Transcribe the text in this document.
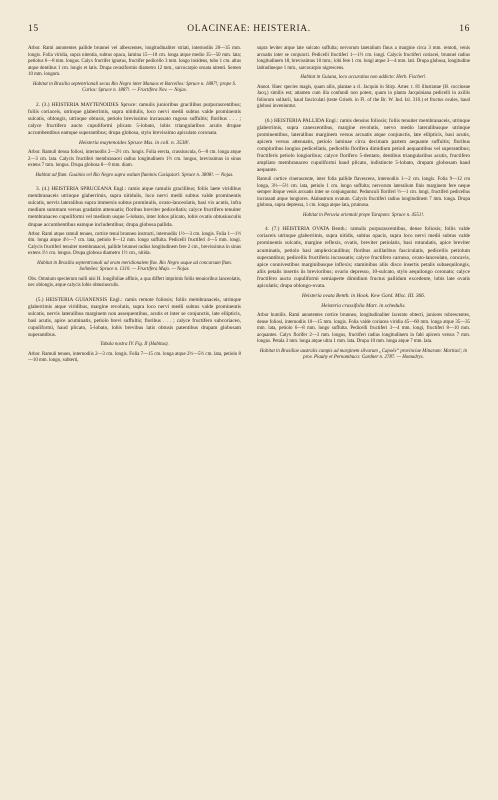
15	OLACINEAE: HEISTERIA.	16

Arbor. Rami annotentes pallide brunnei vel albescentes, longitudinaliter striati, internodiis 20—35 mm. longis. Folia viridia, supra nitentia, subtus opaca, lamina 15—18 cm. longa atque medio 35—50 mm. lata; petiolus 6—8 mm. longus. Calyx fructifer ignotus, fructifer pedicello 3 mm. longo insidens, tubo 1 cm. altus atque dentibus 1 cm. longis et latis. Drupa cerasiformis diametro 12 mm., sarcocarpio ornata nitenti. Semen 10 mm. longum.

Habitat in Brasilia septentrionali secus Rio Negro inter Manaos et Barcellos: Spruce n. 1887!; prope S. Carlos: Spruce n. 1887!. — Fructifera Nov. — Nojas.

2. (3.) HEISTERIA MAYTENOIDES Spruce: ramulis junioribus gracilibus purpurascentibus; foliis coriaceis, utrinque glaberrimis, supra nitidulis, loco nervi medii subtus valde prominentis sulcatis, oblongis, utrinque obtusis, petiolo brevissimo incrassato rugoso suffultis; floribus . . . ; calyce fructifero aucto cupuliformi plicato 5-lobato, lobis triangularibus acutis drupae accumbentibus eamque superantibus; drupa globosa, stylo brevissimo apiculato coronata.

Heisteria maytenoides Spruce Mss. in coll. n. 3538!.

Arbor. Ramuli densa foliosi, internodiis 2—2½ cm. longis. Folia erecta, crassiuscula, 6—8 cm. longa atque 2—3 cm. lata. Calycis fructiferi membranacei radius longitudinem 1½ cm. longus, brevissimus in sinus extens 7 mm. longus. Drupa globosa 8—9 mm. diam.

Habitat ad flum. Guainia vel Rio Negro supra ostium fluminis Casiquiari: Spruce n. 3808!. — Nojas.

3. (4.) HEISTERIA SPRUCEANA Engl.: ramis atque ramulis gracilibus; foliis laete viridibus membranaceis utrinque glaberrimis, supra nitidulis, loco nervi medii subtus valde prominentis sulcatis, nervis lateralibus supra immersis subtus prominulis, ovato-lanceolatis, basi vix acutis, infra medium summum versus gradatim attenuatis; floribus breviter pedicellatis; calyce fructifero tenuiter membranaceo cupuliformi vel medium usque 5-lobato, inter lobos plicato, lobis ovatis obtusiusculis drupae accumbentibus eamque includentibus; drupa globosa pallida.

Arbor. Rami atque ramuli tenues, cortice tenui brunneo instructi, internodiis 1½—3 cm. longis. Folia 1—1½ dm. longa atque 4½—7 cm. lata, petiolo 8—12 mm. longo suffulta. Pedicelli fructiferi 4—5 mm. longi. Calycis fructiferi tenuiter membranacei, pallide brunnei radius longitudinem fere 2 cm., brevissimus in sinus extens 1½ cm. longus. Drupa globosa diametro 1½ cm., nitida.

Habitat in Brasilia septentrionali ad oram meridionalem fluv. Rio Negro usque ad concursum flum. Solimões: Spruce n. 1310. — Fructifera Majo. — Nojas.

Obs. Omnium specierum nulli nisi H. longifoliae affinis, a qua differt imprimis foliis tenuioribus lanceolatis, nec oblongis, atque calycis lobis obtusiusculis.

(5.) HEISTERIA GUIANENSIS Engl.: ramis remote foliosis; foliis membranaceis, utrinque glaberrimis atque viridibus, margine revolutis, supra loco nervi medii subtus valde prominentis sulcatis, nervis lateralibus marginem non assequentibus, acutis et inter se conjunctis, late ellipticis, basi acutis, apice acuminatis, petiolo brevi suffultis; floribus . . . ; calyce fructifero subcoriaceo, cupuliformi, haud plicato, 5-lobato, lobis brevibus latis obtusis patentibus drupam globosam superantibus.

Tabula nostra IV. Fig. II (Habitus).

Arbor. Ramuli tenues, internodiis 2—3 cm. longis. Folia 7—15 cm. longa atque 2½—5½ cm. lata, petiolo 8—10 mm. longo, subterti,

supra leviter atque late sulcato suffulta; nervorum lateralium finus a margine circa 3 mm. remoti, venis arcuatis inter se conjuncti. Pedicelli fructiferi 1—1½ cm. longi. Calycis fructiferi coriacei, brunnei radius longitudinem 18, brevissimus 10 mm.; lobi fere 1 cm. longi atque 3—4 mm. lati. Drupa globosa, longitudine latitudineque 1 mm., sarcocarpio nigrescens.

Habitat in Guiana, loco accuratius non addicto: Herb. Fischer!.

Annot. Haec species magis, quam aliis, plantae a cl. Jacquin in Stirp. Amer. t. 81 illustratae (H. coccineae Jacq.) similis est; attamen cum illa confundi non potest, quum in planta Jacquiniana pedicelli in axillis foliorum solitarii, haud fasciculati (teste Griseb. in Fl. of the Br. W. Ind. Isl. 310.) et fructus ovales, haud globosi inveniuntur.

(6.) HEISTERIA PALLIDA Engl.: ramis densius foliosis; foliis tenuiter membranaceis, utrinque glaberrimis, supra canescentibus, margine revolutis, nervo medio lateralibusque utrinque prominentibus, lateralibus marginem versus arcuatis atque conjunctis, late ellipticis, basi acutis, apicem versus attenuatis, petiolo laminae circa decimam partem aequante suffultis; floribus compluribus longius pedicellatis, pedicellis florifera dimidium petioli aequantibus vel superantibus; fructiferis petiolo longioribus; calyce florifero 5-dentato, dentibus triangularibus acutis, fructifero ampliato membranaceo cupuliformi haud plicato, indistincte 5-lobato, drupam globosam haud aequante.

Ramuli cortice cinerascente, inter folia pallide flavescens, internodiis 1—2 cm. longis. Folia 9—12 cm longa, 3½—5½ cm. lata, petiolo 1 cm. longo suffulta; nervorum lateralium finis marginem fere neque semper ibique venis arcuatis inter se conjunguntur. Pedunculi floriferi ½—1 cm. longi, fructiferi pedicellus incrassati atque longiores. Alabastrum ovatum. Calycis fructiferi radius longitudinem 7 mm. longa. Drupa globosa, supra depressa, 1 cm. longa atque lata, pruinosa.

Habitat in Peruvia orientali prope Tarapoto: Spruce n. 4551!.

4. (7.) HEISTERIA OVATA Benth.: ramulis purpurascentibus, dense foliosis; foliis valde coriaceis utrinque glaberrimis, supra nitidis, subtus opacis, supra loco nervi medii subtus valde prominentis sulcatis, margine reflexis, ovatis, breviter petiolatis, basi rotundatis, apice breviter acuminatis, petiolo basi amplexicaulibus; floribus axillaribus fasciculatis, pedicellis petiolum superantibus; pedicellis fructiferis incrassatis; calyce fructifero carnoso, ovato-lanceolato, concavis, apice connivestibus marginibusque inflexis; staminibus aliis disco insertis petalis subaequilongis, aliis petalis insertis iis brevioribus; ovario depresso, 10-sulcato, stylo aequilongo coronato; calyce fructifero aucto cupuliformi semiaperte dimidium fructus pallidum excedente, lobis late ovatis apiculatis; drupa oblongo-ovata.

Heisteria ovata Benth. in Hook. Kew Gard. Misc. III. 366.

Heisteria crassifolia Mart. in schedulis.

Arbor humilis. Rami annotentes cortice brunneo, longitudinaliter lacerato obtecti, juniores rubrescentes, dense foliosi, internodiis 10—15 mm. longis. Folia valde coriacea viridia 45—60 mm. longa atque 35—35 mm. lata, petiolo 6—8 mm. longo suffulta. Pedicelli fructiferi 3—4 mm. longi, fructiferi 8—10 mm. acquantes. Calyx florifer 2—3 mm. longus, fructiferi radius longitudinem in fabi apicem versus 7 mm. longus. Petala 3 mm. longa atque ultra 1 mm. lata. Drupa 10 mm. longa atque 7 mm. lata.

Habitat in Brasiliae australis campis ad marginem silvarum „Capoës“ provinciae Minarum: Martius!; in prov. Piauhy et Pernambuco: Gardner n. 2787. — Homadrys.
